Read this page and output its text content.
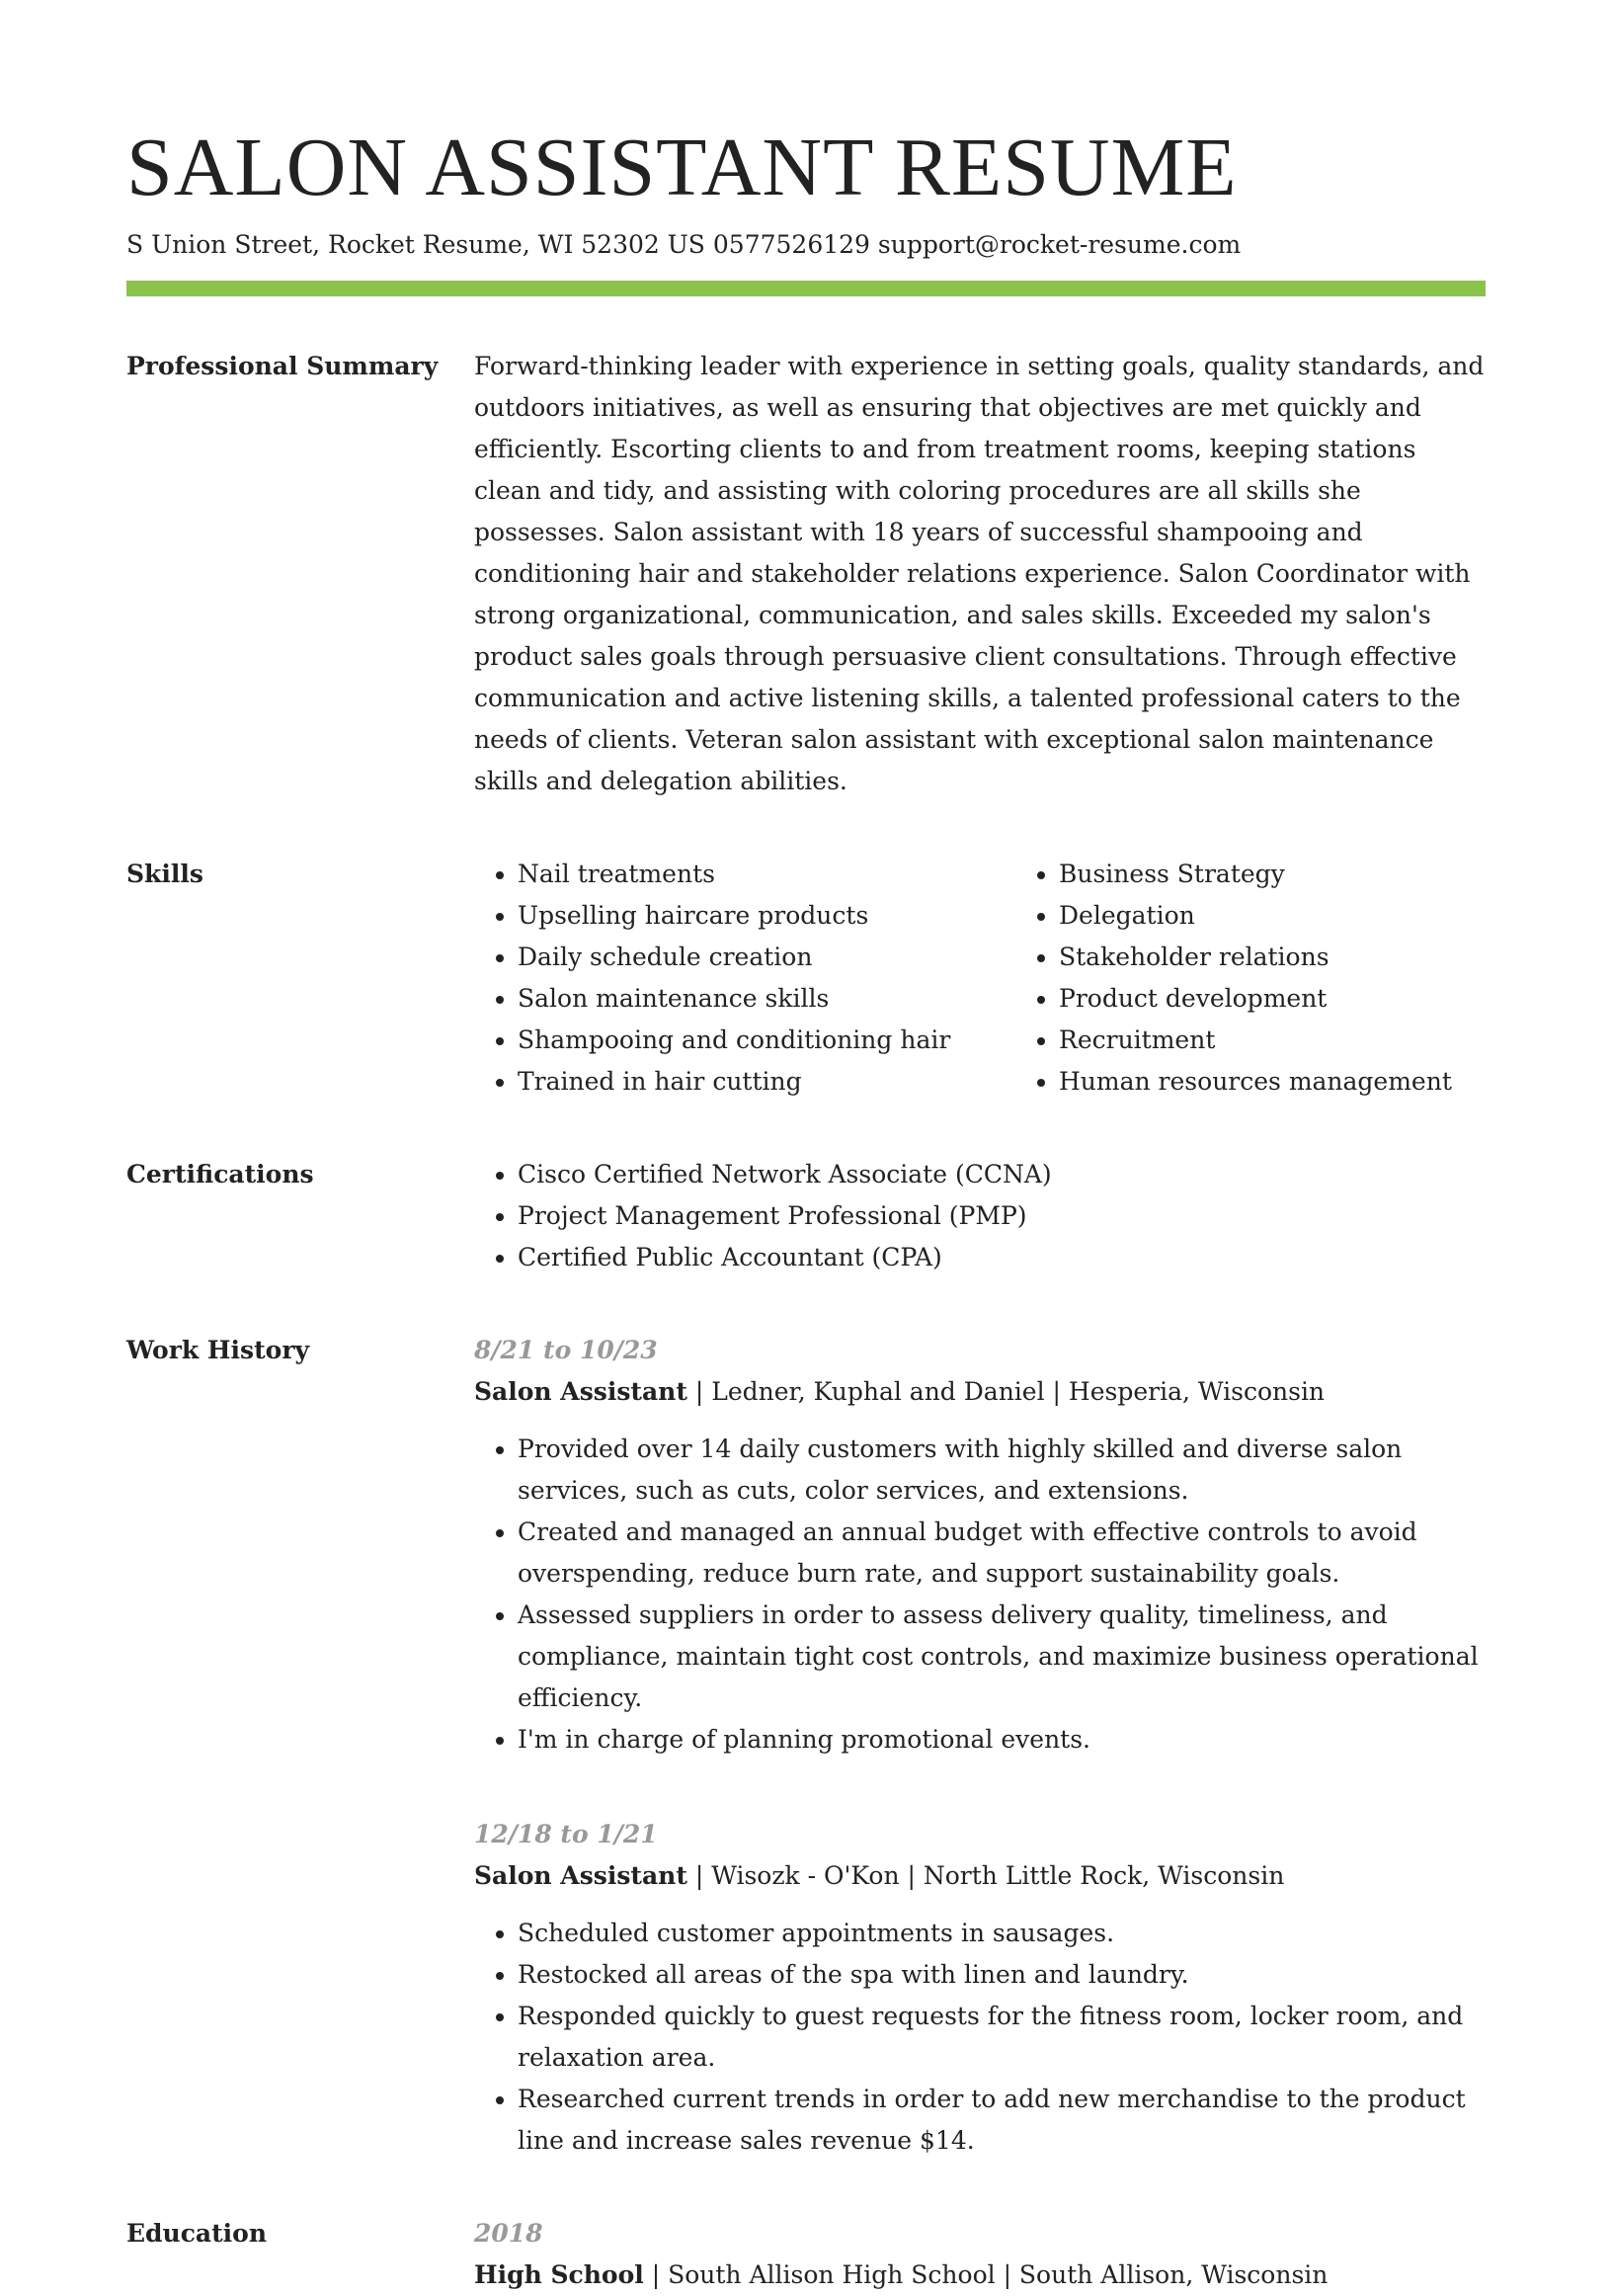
SALON ASSISTANT RESUME
S Union Street, Rocket Resume, WI 52302 US 0577526129 support@rocket-resume.com
Professional Summary	Forward-thinking leader with experience in setting goals, quality standards, and outdoors initiatives, as well as ensuring that objectives are met quickly and efficiently. Escorting clients to and from treatment rooms, keeping stations clean and tidy, and assisting with coloring procedures are all skills she possesses. Salon assistant with 18 years of successful shampooing and conditioning hair and stakeholder relations experience. Salon Coordinator with strong organizational, communication, and sales skills. Exceeded my salon's product sales goals through persuasive client consultations. Through effective communication and active listening skills, a talented professional caters to the needs of clients. Veteran salon assistant with exceptional salon maintenance skills and delegation abilities.

Skills	• Nail treatments
• Upselling haircare products
• Daily schedule creation
• Salon maintenance skills
• Shampooing and conditioning hair
• Trained in hair cutting
• Business Strategy
• Delegation
• Stakeholder relations
• Product development
• Recruitment
• Human resources management
Certifications	• Cisco Certified Network Associate (CCNA)
• Project Management Professional (PMP)
• Certified Public Accountant (CPA)
Work History	8/21 to 10/23
Salon Assistant | Ledner, Kuphal and Daniel | Hesperia, Wisconsin
• Provided over 14 daily customers with highly skilled and diverse salon services, such as cuts, color services, and extensions.
• Created and managed an annual budget with effective controls to avoid overspending, reduce burn rate, and support sustainability goals.
• Assessed suppliers in order to assess delivery quality, timeliness, and compliance, maintain tight cost controls, and maximize business operational efficiency.
• I'm in charge of planning promotional events.
12/18 to 1/21
Salon Assistant | Wisozk - O'Kon | North Little Rock, Wisconsin
• Scheduled customer appointments in sausages.
• Restocked all areas of the spa with linen and laundry.
• Responded quickly to guest requests for the fitness room, locker room, and relaxation area.
• Researched current trends in order to add new merchandise to the product line and increase sales revenue $14.
Education	2018
High School | South Allison High School | South Allison, Wisconsin
